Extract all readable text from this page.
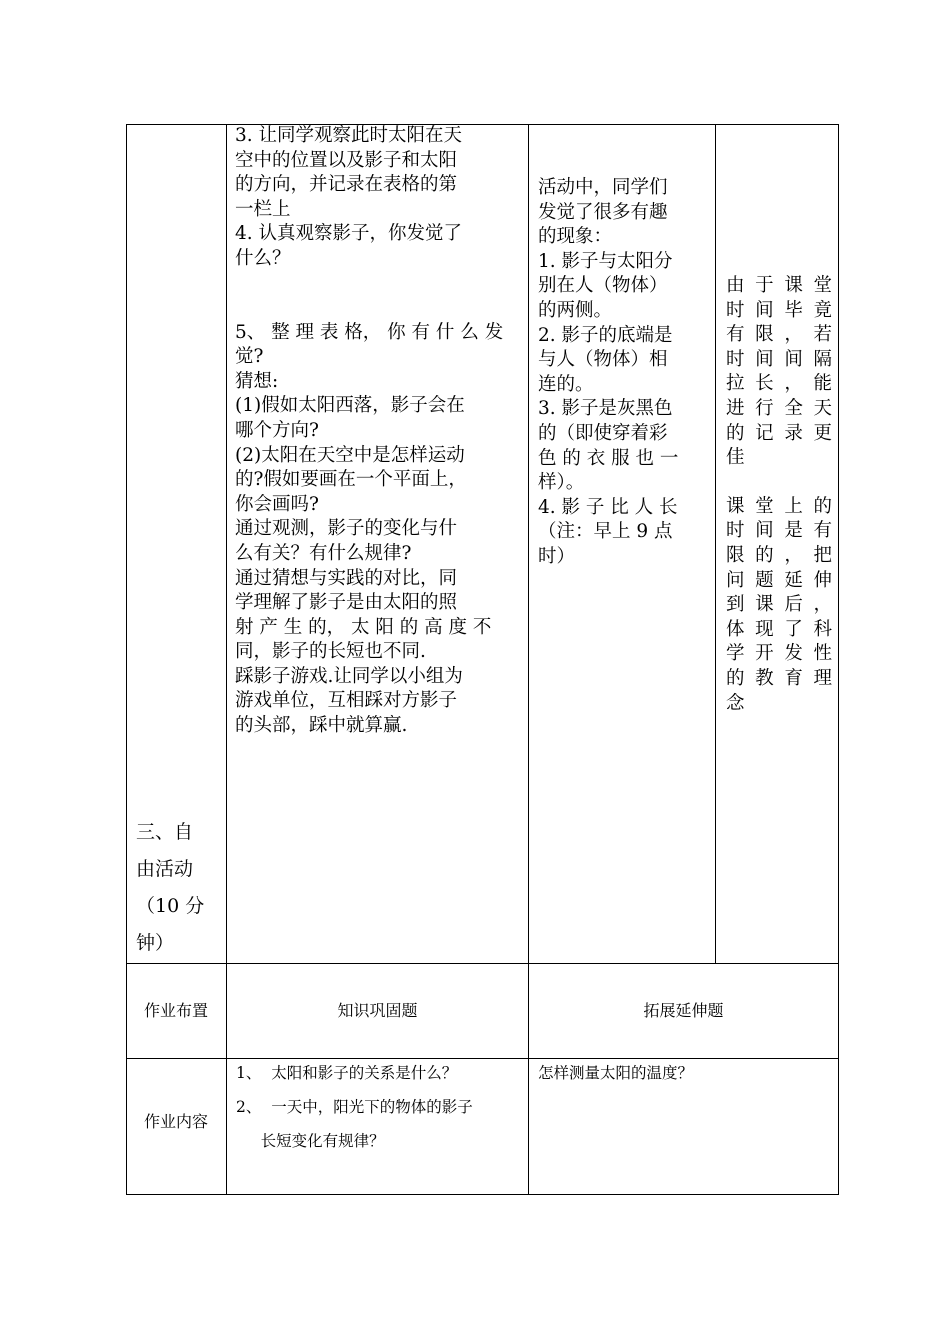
三、自
由活动
（10 分
钟）
3. 让同学观察此时太阳在天
空中的位置以及影子和太阳
的方向，并记录在表格的第
一栏上
4. 认真观察影子，你发觉了
什么？
5、 整 理 表 格， 你 有 什 么 发
觉?
猜想:
(1)假如太阳西落，影子会在
哪个方向?
(2)太阳在天空中是怎样运动
的?假如要画在一个平面上，
你会画吗?
通过观测，影子的变化与什
么有关？有什么规律?
通过猜想与实践的对比，同
学理解了影子是由太阳的照
射 产 生 的， 太 阳 的 高 度 不
同，影子的长短也不同.
踩影子游戏.让同学以小组为
游戏单位，互相踩对方影子
的头部，踩中就算赢.
活动中，同学们
发觉了很多有趣
的现象：
1. 影子与太阳分
别在人（物体）
的两侧。
2. 影子的底端是
与人（物体）相
连的。
3. 影子是灰黑色
的（即使穿着彩
色 的 衣 服 也 一
样）。
4. 影 子 比 人 长
（注：早上 9 点
时）
由 于 课 堂
时 间 毕 竟
有 限 ， 若
时 间 间 隔
拉 长 ， 能
进 行 全 天
的 记 录 更
佳
课 堂 上 的
时 间 是 有
限 的 ， 把
问 题 延 伸
到 课 后 ，
体 现 了 科
学 开 发 性
的 教 育 理
念
作业布置	知识巩固题	拓展延伸题
作业内容
1、  太阳和影子的关系是什么？
2、  一天中，阳光下的物体的影子
长短变化有规律？
怎样测量太阳的温度？
